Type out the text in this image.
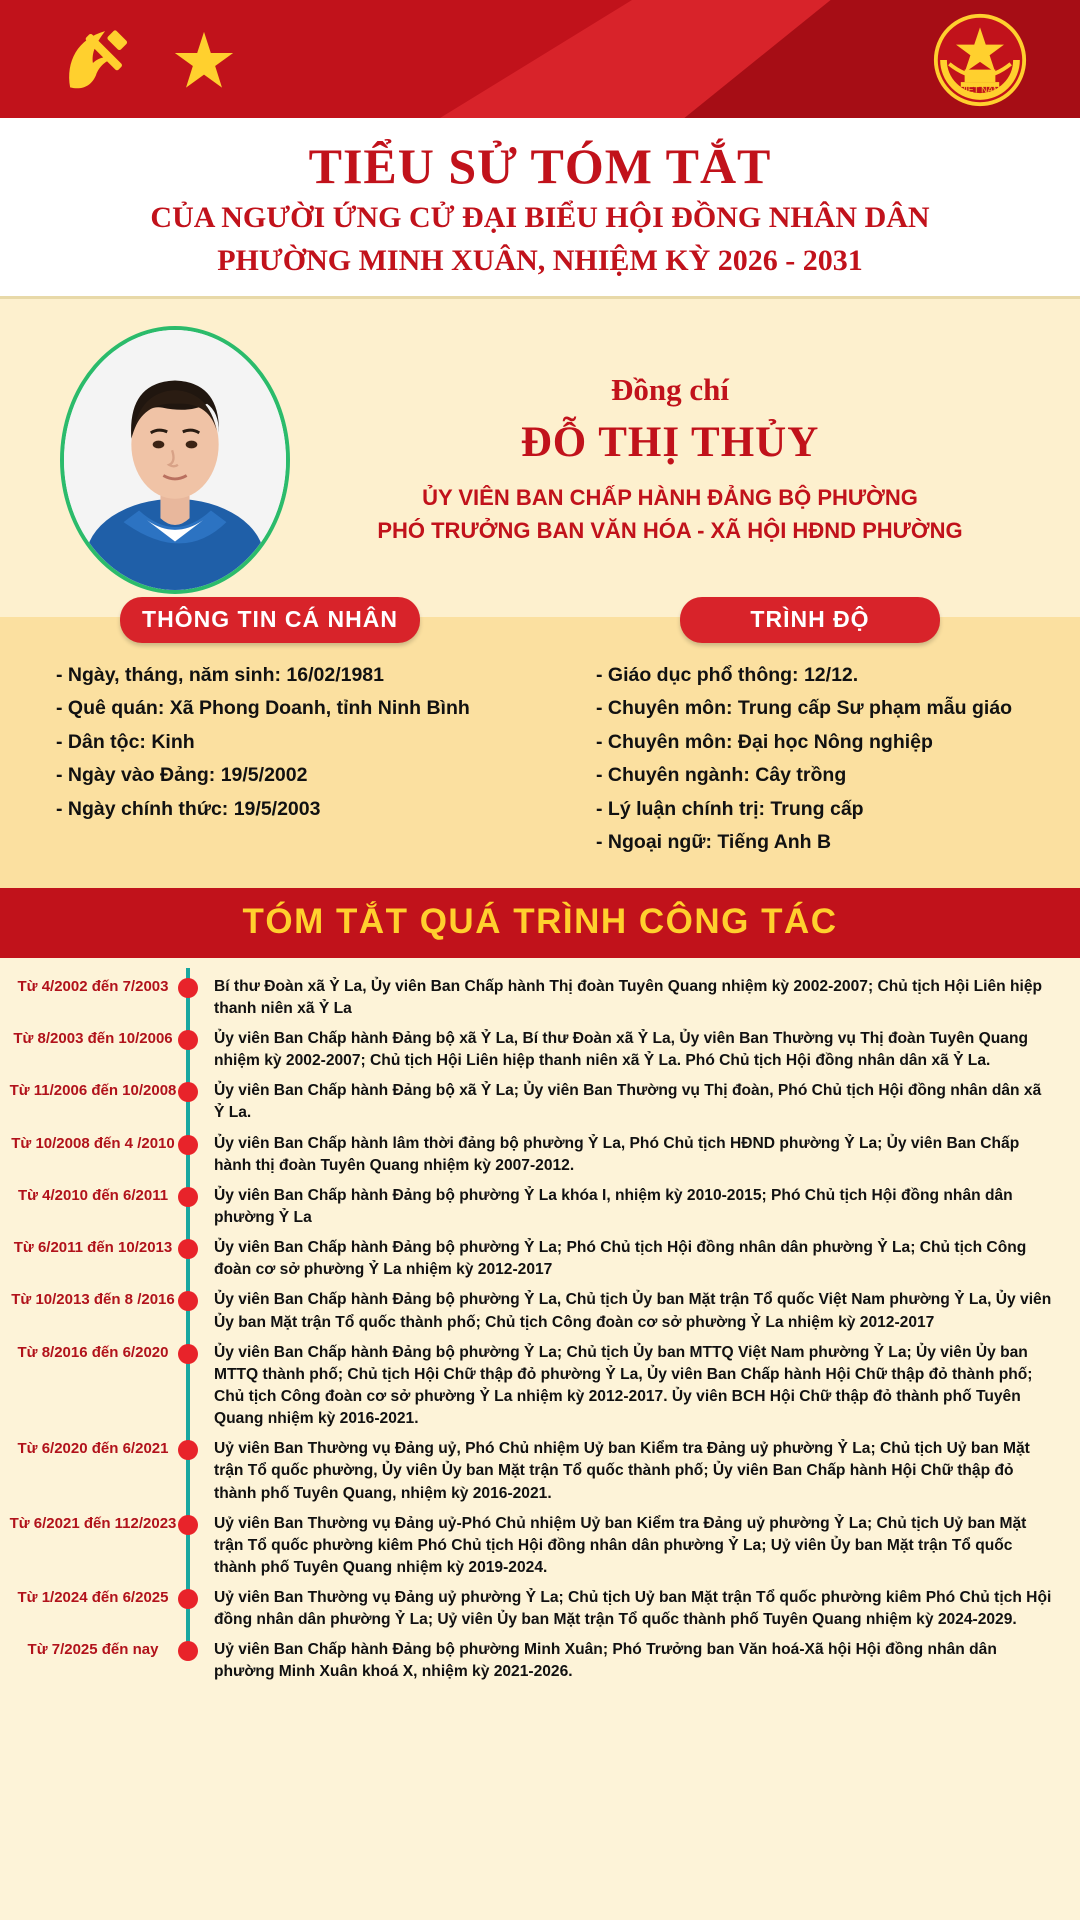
VIỆT NAM
TIỂU SỬ TÓM TẮT
CỦA NGƯỜI ỨNG CỬ ĐẠI BIỂU HỘI ĐỒNG NHÂN DÂN
PHƯỜNG MINH XUÂN, NHIỆM KỲ 2026 - 2031
Đồng chí
ĐỖ THỊ THỦY
ỦY VIÊN BAN CHẤP HÀNH ĐẢNG BỘ PHƯỜNG
PHÓ TRƯỞNG BAN VĂN HÓA - XÃ HỘI HĐND PHƯỜNG
THÔNG TIN CÁ NHÂN
- Ngày, tháng, năm sinh: 16/02/1981
- Quê quán: Xã Phong Doanh, tỉnh Ninh Bình
- Dân tộc: Kinh
- Ngày vào Đảng: 19/5/2002
- Ngày chính thức: 19/5/2003
TRÌNH ĐỘ
- Giáo dục phổ thông: 12/12.
- Chuyên môn: Trung cấp Sư phạm mẫu giáo
- Chuyên môn: Đại học Nông nghiệp
- Chuyên ngành: Cây trồng
- Lý luận chính trị: Trung cấp
- Ngoại ngữ: Tiếng Anh B
TÓM TẮT QUÁ TRÌNH CÔNG TÁC
Từ 4/2002 đến 7/2003	Bí thư Đoàn xã Ỷ La, Ủy viên Ban Chấp hành Thị đoàn Tuyên Quang nhiệm kỳ 2002-2007; Chủ tịch Hội Liên hiệp thanh niên xã Ỷ La
Từ 8/2003 đến 10/2006	Ủy viên Ban Chấp hành Đảng bộ xã Ỷ La, Bí thư Đoàn xã Ỷ La, Ủy viên Ban Thường vụ Thị đoàn Tuyên Quang nhiệm kỳ 2002-2007; Chủ tịch Hội Liên hiệp thanh niên xã Ỷ La. Phó Chủ tịch Hội đồng nhân dân xã Ỷ La.
Từ 11/2006 đến 10/2008	Ủy viên Ban Chấp hành Đảng bộ xã Ỷ La; Ủy viên Ban Thường vụ Thị đoàn, Phó Chủ tịch Hội đồng nhân dân xã Ỷ La.
Từ 10/2008 đến 4 /2010	Ủy viên Ban Chấp hành lâm thời đảng bộ phường Ỷ La, Phó Chủ tịch HĐND phường Ỷ La; Ủy viên Ban Chấp hành thị đoàn Tuyên Quang nhiệm kỳ 2007-2012.
Từ 4/2010 đến 6/2011	Ủy viên Ban Chấp hành Đảng bộ phường Ỷ La khóa I, nhiệm kỳ 2010-2015; Phó Chủ tịch Hội đồng nhân dân phường Ỷ La
Từ 6/2011 đến 10/2013	Ủy viên Ban Chấp hành Đảng bộ phường Ỷ La; Phó Chủ tịch Hội đồng nhân dân phường Ỷ La; Chủ tịch Công đoàn cơ sở phường Ỷ La nhiệm kỳ 2012-2017
Từ 10/2013 đến 8 /2016	Ủy viên Ban Chấp hành Đảng bộ phường Ỷ La, Chủ tịch Ủy ban Mặt trận Tổ quốc Việt Nam phường Ỷ La, Ủy viên Ủy ban Mặt trận Tổ quốc thành phố; Chủ tịch Công đoàn cơ sở phường Ỷ La nhiệm kỳ 2012-2017
Từ 8/2016 đến 6/2020	Ủy viên Ban Chấp hành Đảng bộ phường Ỷ La; Chủ tịch Ủy ban MTTQ Việt Nam phường Ỷ La; Ủy viên Ủy ban MTTQ thành phố; Chủ tịch Hội Chữ thập đỏ phường Ỷ La, Ủy viên Ban Chấp hành Hội Chữ thập đỏ thành phố; Chủ tịch Công đoàn cơ sở phường Ỷ La nhiệm kỳ 2012-2017. Ủy viên BCH Hội Chữ thập đỏ thành phố Tuyên Quang nhiệm kỳ 2016-2021.
Từ 6/2020 đến 6/2021	Uỷ viên Ban Thường vụ Đảng uỷ, Phó Chủ nhiệm Uỷ ban Kiểm tra Đảng uỷ phường Ỷ La; Chủ tịch Uỷ ban Mặt trận Tổ quốc phường, Ủy viên Ủy ban Mặt trận Tổ quốc thành phố; Ủy viên Ban Chấp hành Hội Chữ thập đỏ thành phố Tuyên Quang, nhiệm kỳ 2016-2021.
Từ 6/2021 đến 112/2023	Uỷ viên Ban Thường vụ Đảng uỷ-Phó Chủ nhiệm Uỷ ban Kiểm tra Đảng uỷ phường Ỷ La; Chủ tịch Uỷ ban Mặt trận Tổ quốc phường kiêm Phó Chủ tịch Hội đồng nhân dân phường Ỷ La; Uỷ viên Ủy ban Mặt trận Tổ quốc thành phố Tuyên Quang nhiệm kỳ 2019-2024.
Từ 1/2024 đến 6/2025	Uỷ viên Ban Thường vụ Đảng uỷ phường Ỷ La; Chủ tịch Uỷ ban Mặt trận Tổ quốc phường kiêm Phó Chủ tịch Hội đồng nhân dân phường Ỷ La; Uỷ viên Ủy ban Mặt trận Tổ quốc thành phố Tuyên Quang nhiệm kỳ 2024-2029.
Từ 7/2025 đến nay	Uỷ viên Ban Chấp hành Đảng bộ phường Minh Xuân; Phó Trưởng ban Văn hoá-Xã hội Hội đồng nhân dân phường Minh Xuân khoá X, nhiệm kỳ 2021-2026.
